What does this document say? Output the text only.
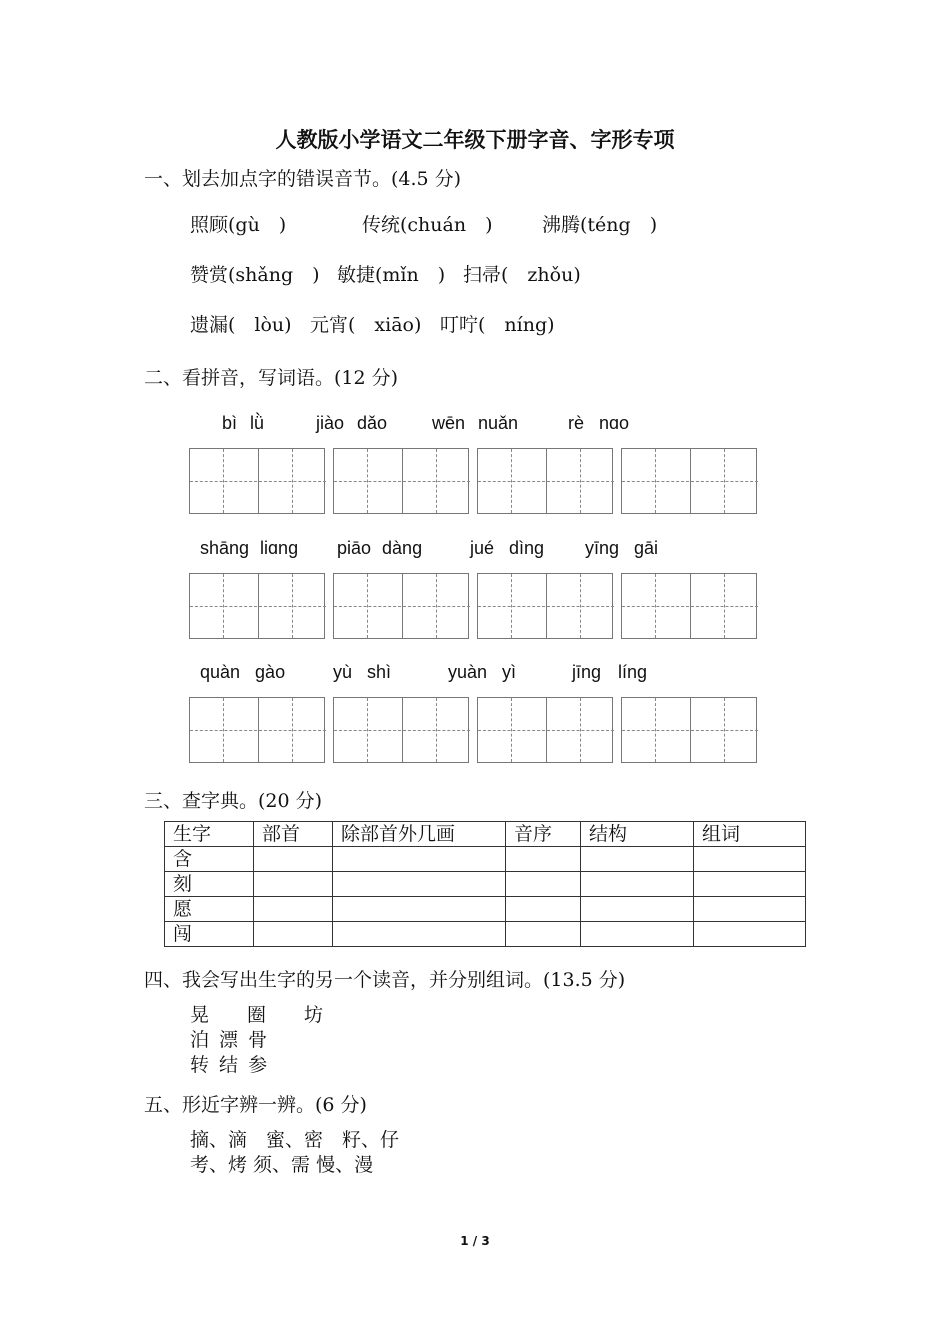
人教版小学语文二年级下册字音、字形专项
一、划去加点字的错误音节。(4.5 分)
照顾(gù　)	传统(chuán　)	沸腾(téng　)
赞赏(shǎng　) 敏捷(mǐn　) 扫帚(　zhǒu)
遗漏(　lòu) 元宵(　xiāo) 叮咛(　níng)
二、看拼音，写词语。(12 分)
bì lǜ	jiào dǎo wēn nuǎn	rè nɑo
shāng liɑng piāo dàng	jué dìng yīng gāi
quàn gào	yù shì	yuàn yì	jīng líng
三、查字典。(20 分)
生字	部首	除部首外几画	音序	结构	组词
含					
刻					
愿					
闯					
四、我会写出生字的另一个读音，并分别组词。(13.5 分)
晃　　圈　　坊
泊 漂 骨
转 结 参
五、形近字辨一辨。(6 分)
摘、滴　蜜、密　籽、仔
考、烤 须、需 慢、漫
1 / 3
